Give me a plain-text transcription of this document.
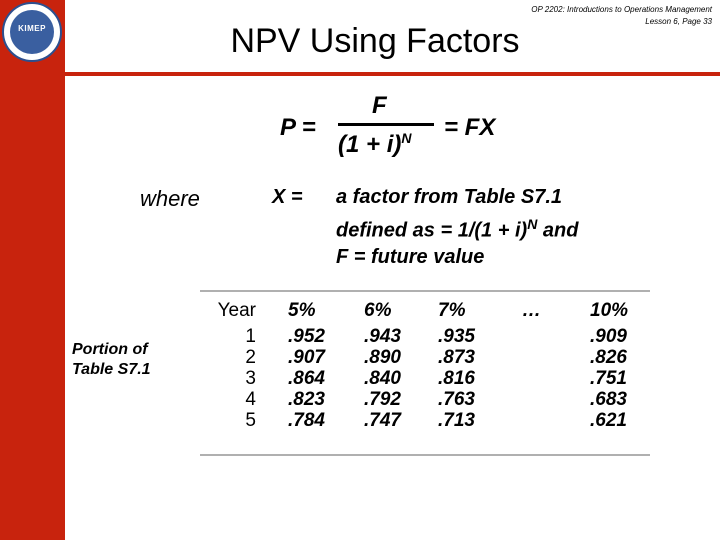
KIMEP
OP 2202: Introductions to Operations Management
Lesson 6, Page 33
NPV Using Factors
P =
F
$(1 + i)^N$ = FX
where	X = a factor from Table S7.1
defined as = $1/(1 + i)^N$ and
F = future value
Portion of Table S7.1
Year
1
2
3
4
5
5%
.952
.907
.864
.823
.784
6%
.943
.890
.840
.792
.747
7%
.935
.873
.816
.763
.713
…	10%
.909
.826
.751
.683
.621
